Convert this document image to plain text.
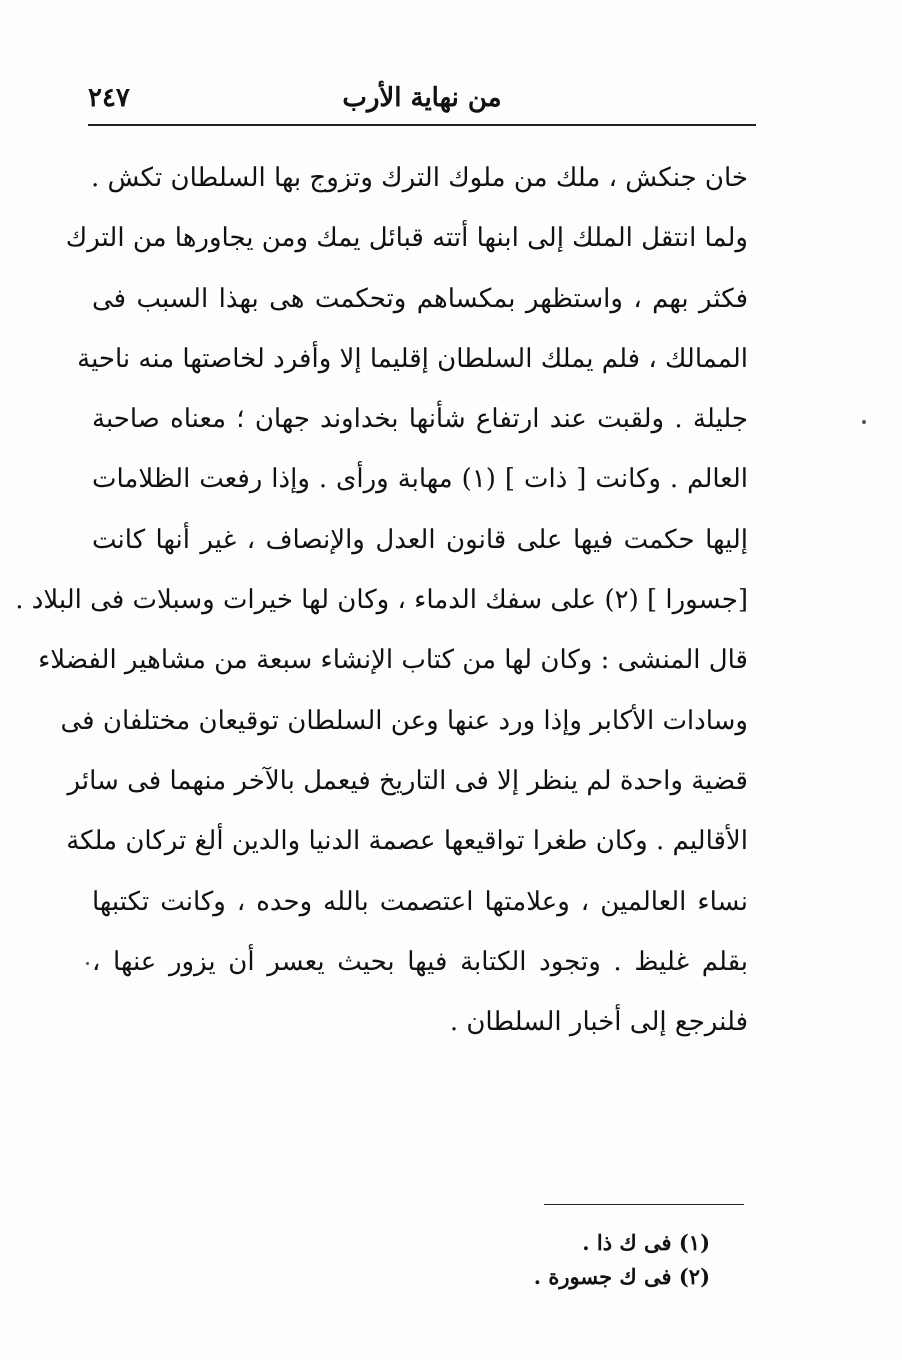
٢٤٧	من نهاية الأرب
خان جنكش ، ملك من ملوك الترك وتزوج بها السلطان تكش .
ولما انتقل الملك إلى ابنها أتته قبائل يمك ومن يجاورها من الترك
فكثر بهم ، واستظهر بمكساهم وتحكمت هى بهذا السبب فى
الممالك ، فلم يملك السلطان إقليما إلا وأفرد لخاصتها منه ناحية
جليلة . ولقبت عند ارتفاع شأنها بخداوند جهان ؛ معناه صاحبة
العالم . وكانت [ ذات ] (١) مهابة ورأى . وإذا رفعت الظلامات
إليها حكمت فيها على قانون العدل والإنصاف ، غير أنها كانت
[جسورا ] (٢) على سفك الدماء ، وكان لها خيرات وسبلات فى البلاد .
قال المنشى : وكان لها من كتاب الإنشاء سبعة من مشاهير الفضلاء
وسادات الأكابر وإذا ورد عنها وعن السلطان توقيعان مختلفان فى
قضية واحدة لم ينظر إلا فى التاريخ فيعمل بالآخر منهما فى سائر
الأقاليم . وكان طغرا تواقيعها عصمة الدنيا والدين ألغ تركان ملكة
نساء العالمين ، وعلامتها اعتصمت بالله وحده ، وكانت تكتبها
بقلم غليظ . وتجود الكتابة فيها بحيث يعسر أن يزور عنها ،
فلنرجع إلى أخبار السلطان .
(١) فى ك ذا .
(٢) فى ك جسورة .
